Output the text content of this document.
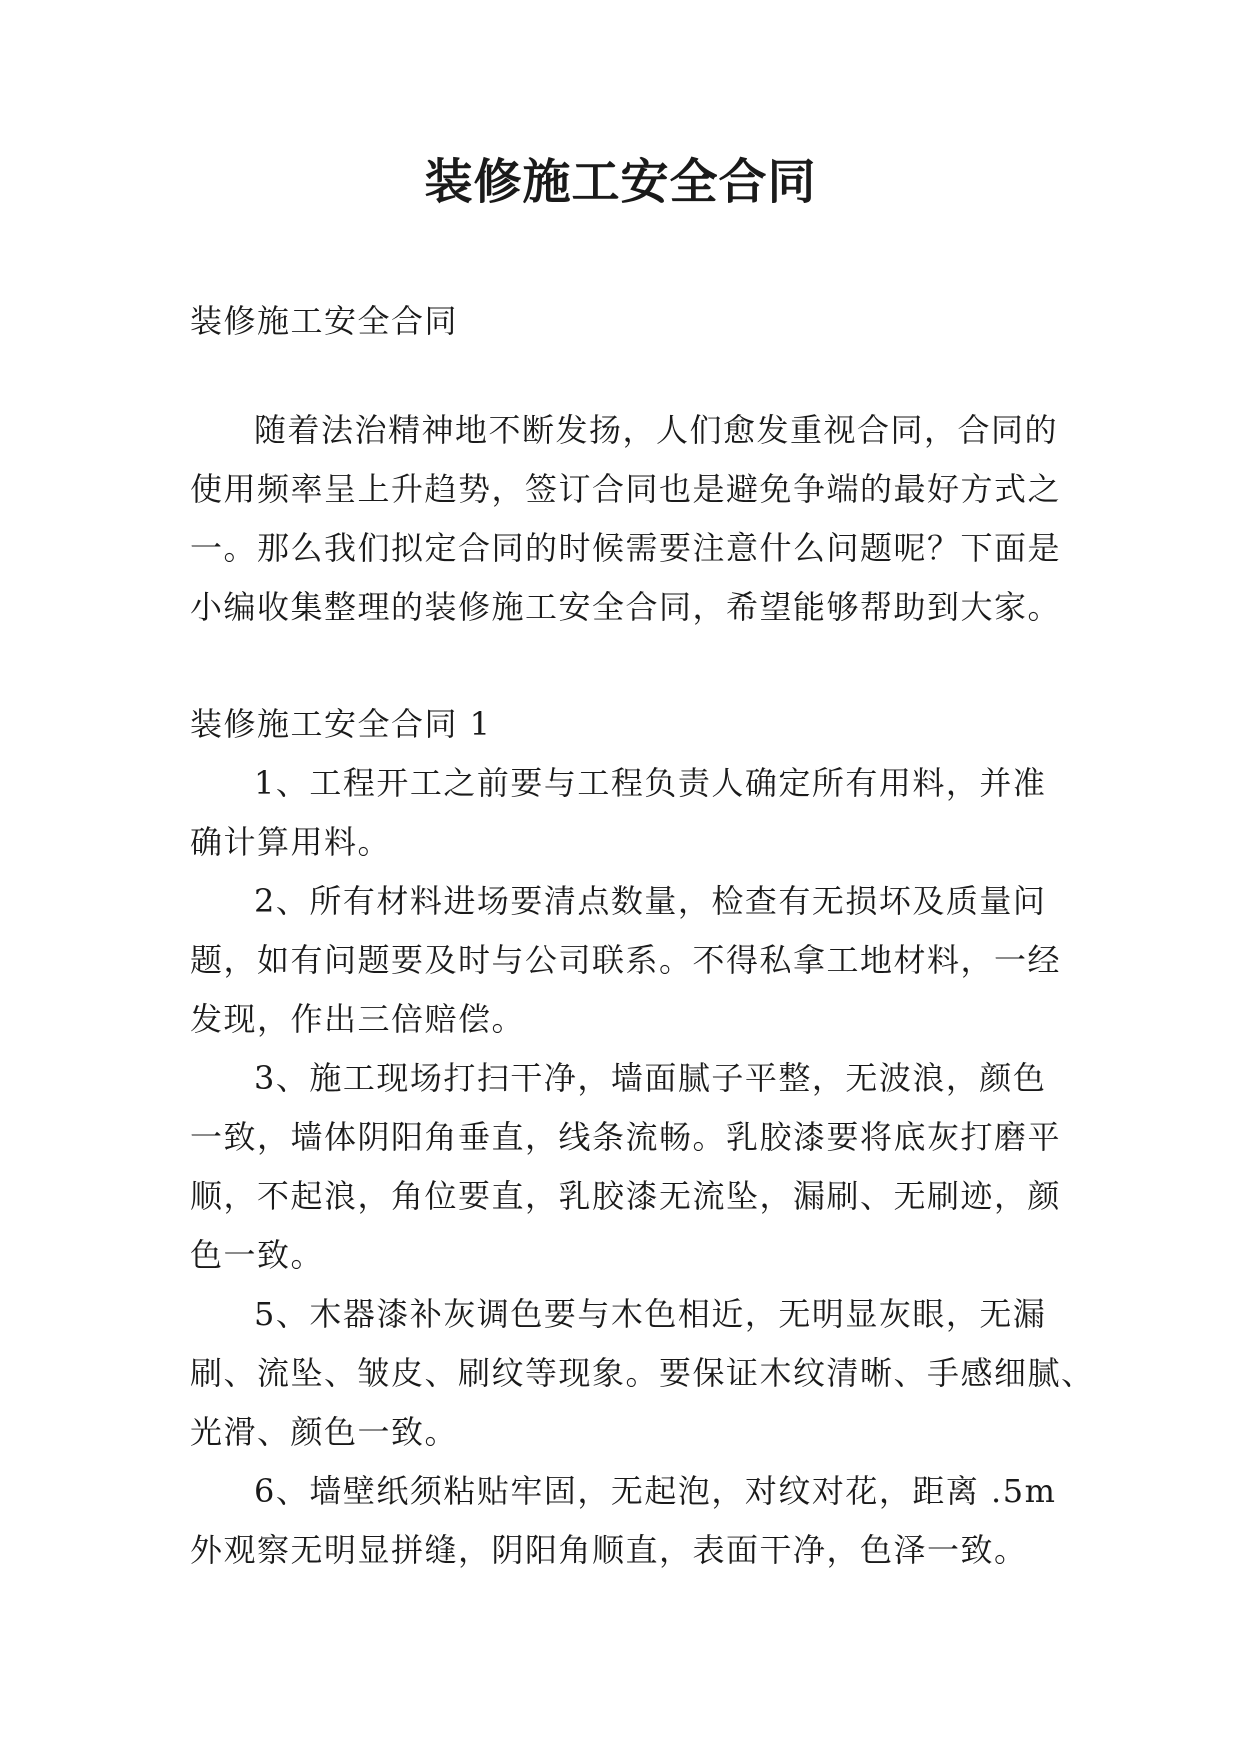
装修施工安全合同

装修施工安全合同

随着法治精神地不断发扬，人们愈发重视合同，合同的

使用频率呈上升趋势，签订合同也是避免争端的最好方式之

一。那么我们拟定合同的时候需要注意什么问题呢？下面是

小编收集整理的装修施工安全合同，希望能够帮助到大家。

装修施工安全合同 1

1、工程开工之前要与工程负责人确定所有用料，并准

确计算用料。

2、所有材料进场要清点数量，检查有无损坏及质量问

题，如有问题要及时与公司联系。不得私拿工地材料，一经

发现，作出三倍赔偿。

3、施工现场打扫干净，墙面腻子平整，无波浪，颜色

一致，墙体阴阳角垂直，线条流畅。乳胶漆要将底灰打磨平

顺，不起浪，角位要直，乳胶漆无流坠，漏刷、无刷迹，颜

色一致。

5、木器漆补灰调色要与木色相近，无明显灰眼，无漏

刷、流坠、皱皮、刷纹等现象。要保证木纹清晰、手感细腻、

光滑、颜色一致。

6、墙壁纸须粘贴牢固，无起泡，对纹对花，距离 .5m

外观察无明显拼缝，阴阳角顺直，表面干净，色泽一致。
